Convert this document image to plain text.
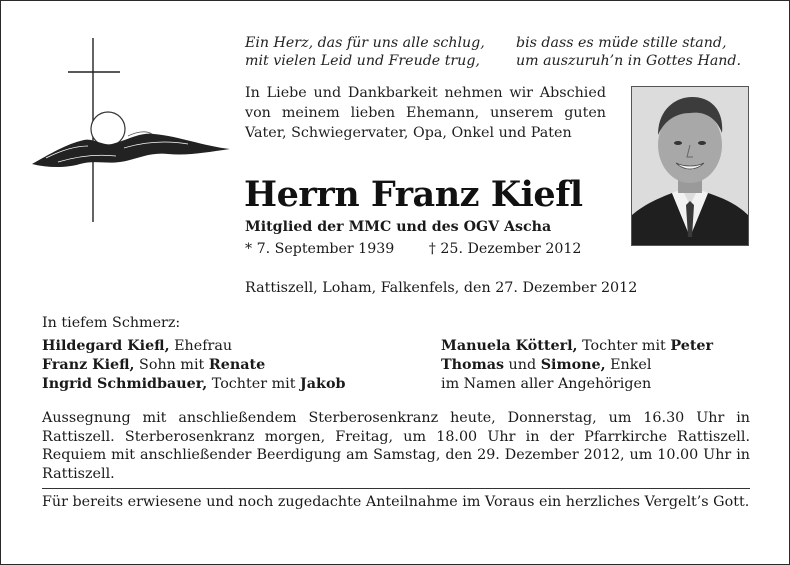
Ein Herz, das für uns alle schlug,
mit vielen Leid und Freude trug,
bis dass es müde stille stand,
um auszuruh’n in Gottes Hand.
In Liebe und Dankbarkeit nehmen wir Abschied von meinem lieben Ehemann, unserem guten Vater, Schwiegervater, Opa, Onkel und Paten
Herrn Franz Kiefl
Mitglied der MMC und des OGV Ascha
* 7. September 1939 † 25. Dezember 2012
Rattiszell, Loham, Falkenfels, den 27. Dezember 2012
In tiefem Schmerz:
Hildegard Kiefl, Ehefrau
Franz Kiefl, Sohn mit Renate
Ingrid Schmidbauer, Tochter mit Jakob
Manuela Kötterl, Tochter mit Peter
Thomas und Simone, Enkel
im Namen aller Angehörigen
Aussegnung mit anschließendem Sterberosenkranz heute, Donnerstag, um 16.30 Uhr in Rattiszell. Sterberosenkranz morgen, Freitag, um 18.00 Uhr in der Pfarrkirche Rattiszell. Requiem mit anschließender Beerdigung am Samstag, den 29. Dezember 2012, um 10.00 Uhr in Rattiszell.
Für bereits erwiesene und noch zugedachte Anteilnahme im Voraus ein herzliches Vergelt’s Gott.
